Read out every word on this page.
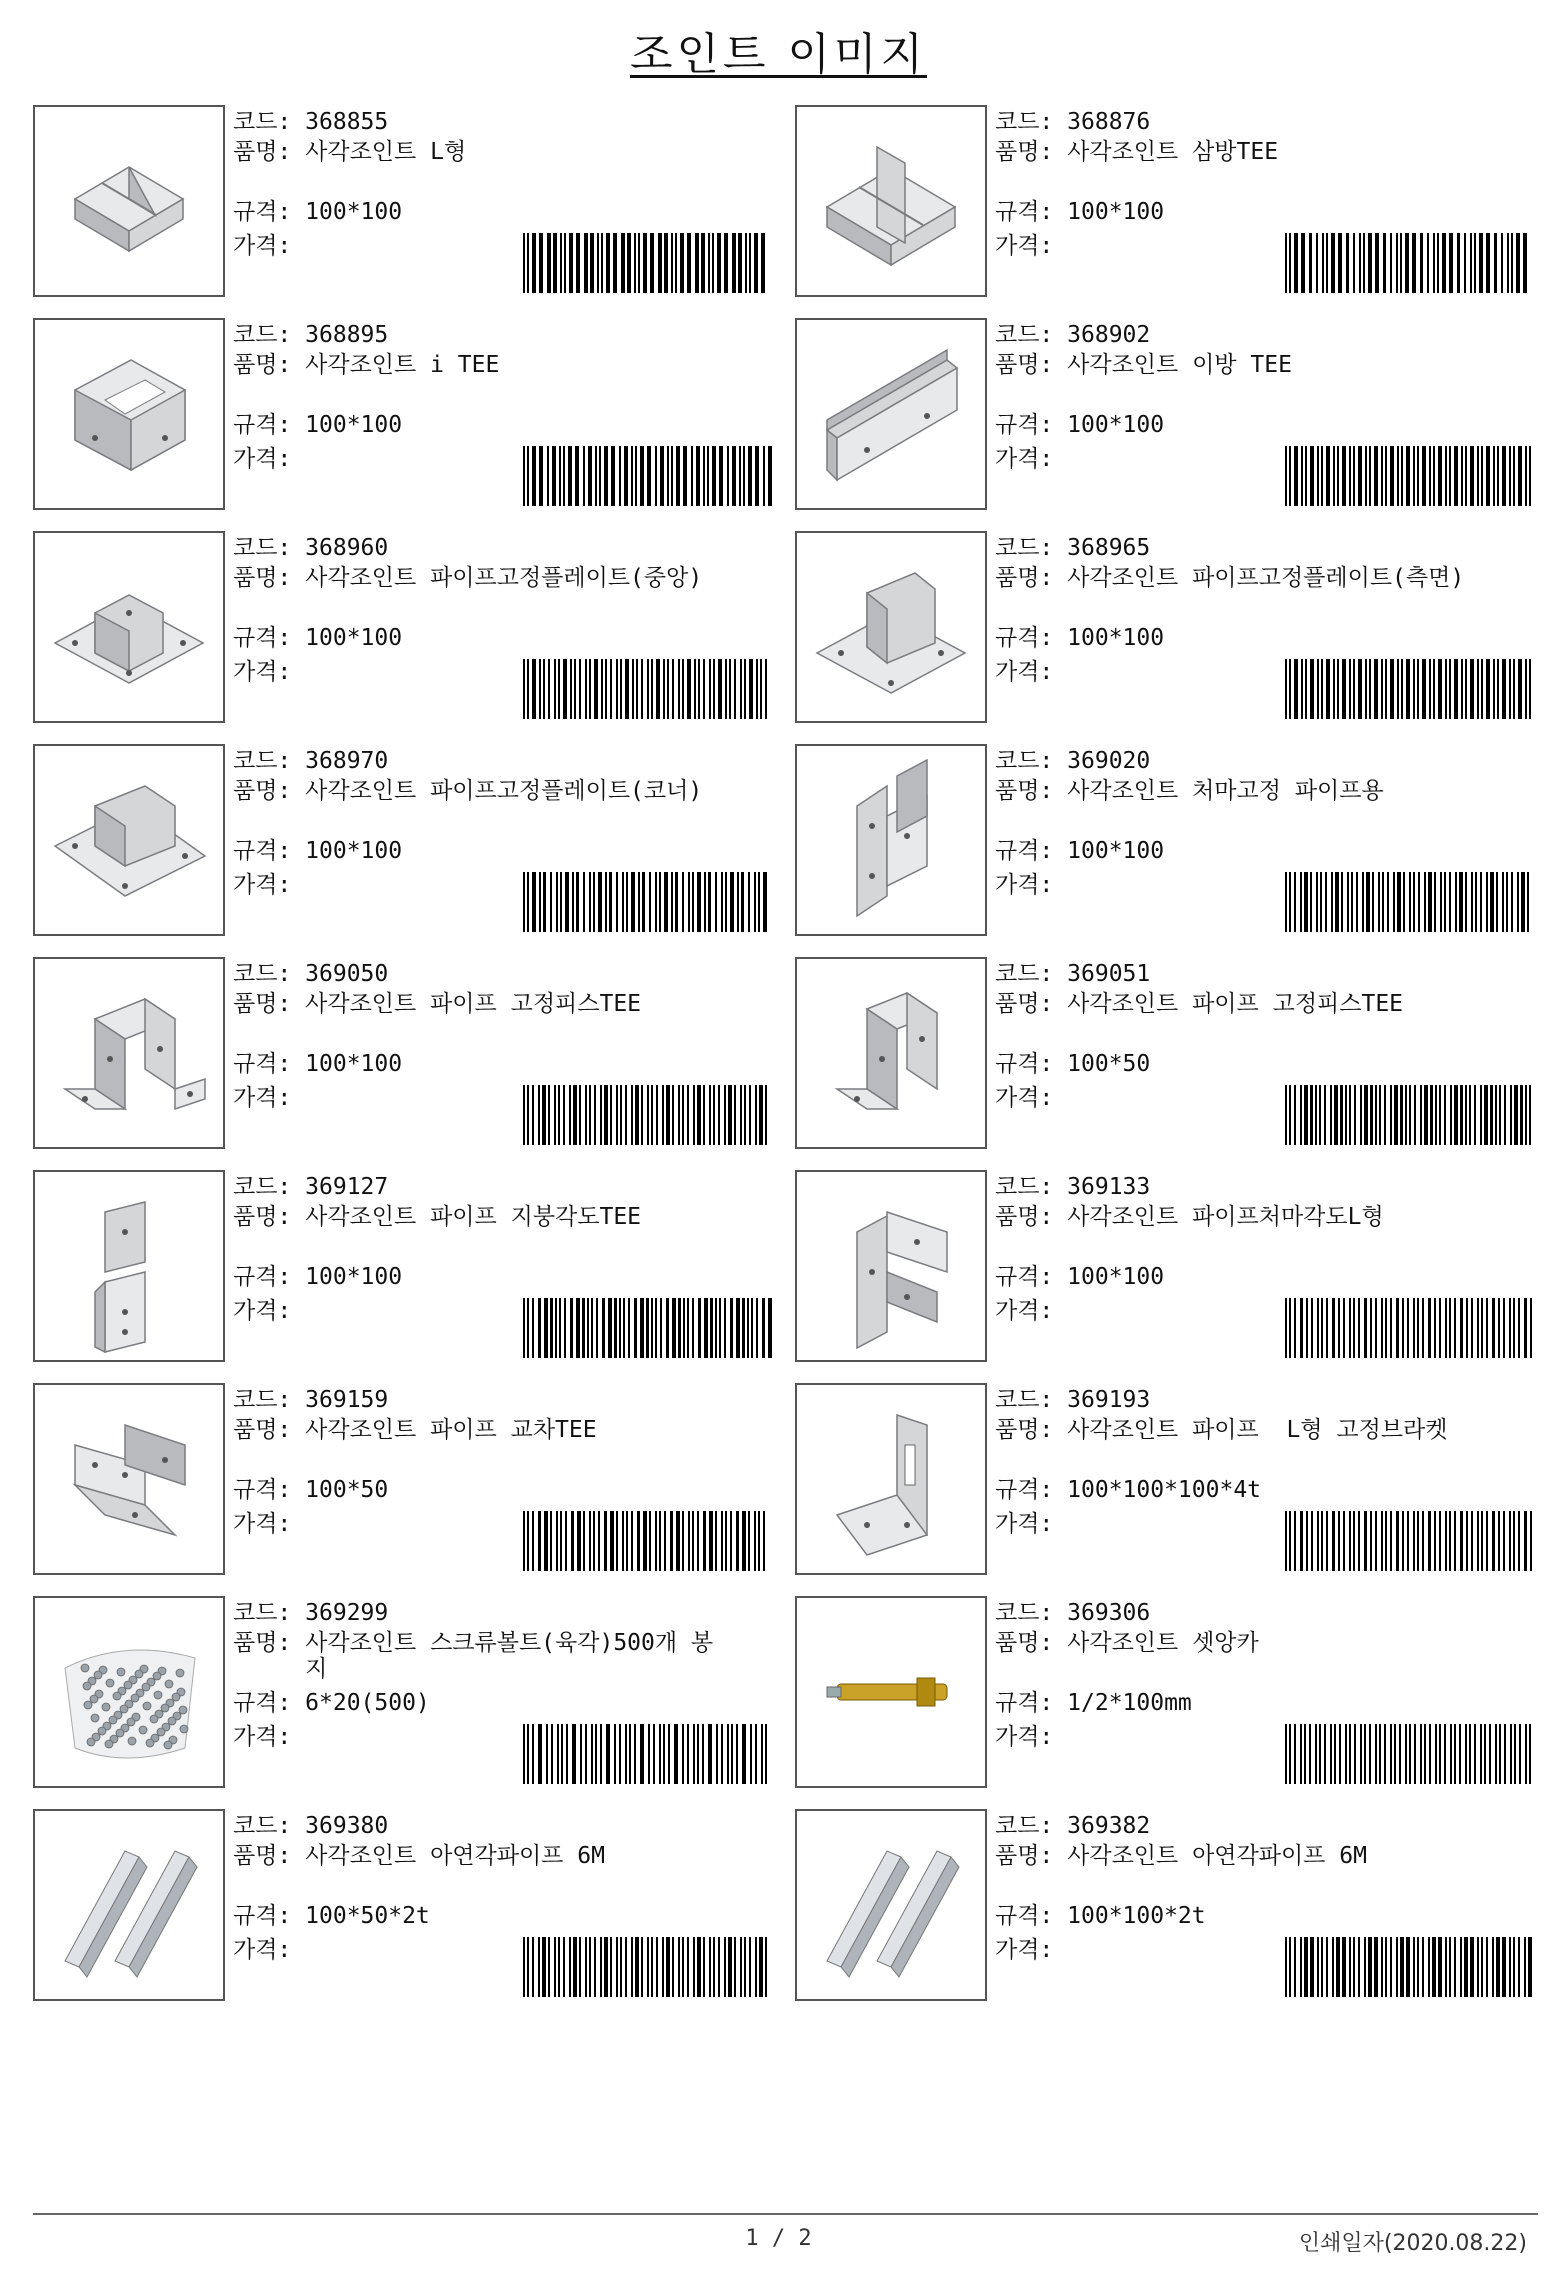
조인트 이미지
코드: 368855
품명: 사각조인트 L형
규격: 100*100
가격:
코드: 368876
품명: 사각조인트 삼방TEE
규격: 100*100
가격:
코드: 368895
품명: 사각조인트 i TEE
규격: 100*100
가격:
코드: 368902
품명: 사각조인트 이방 TEE
규격: 100*100
가격:
코드: 368960
품명: 사각조인트 파이프고정플레이트(중앙)
규격: 100*100
가격:
코드: 368965
품명: 사각조인트 파이프고정플레이트(측면)
규격: 100*100
가격:
코드: 368970
품명: 사각조인트 파이프고정플레이트(코너)
규격: 100*100
가격:
코드: 369020
품명: 사각조인트 처마고정 파이프용
규격: 100*100
가격:
코드: 369050
품명: 사각조인트 파이프 고정피스TEE
규격: 100*100
가격:
코드: 369051
품명: 사각조인트 파이프 고정피스TEE
규격: 100*50
가격:
코드: 369127
품명: 사각조인트 파이프 지붕각도TEE
규격: 100*100
가격:
코드: 369133
품명: 사각조인트 파이프처마각도L형
규격: 100*100
가격:
코드: 369159
품명: 사각조인트 파이프 교차TEE
규격: 100*50
가격:
코드: 369193
품명: 사각조인트 파이프  L형 고정브라켓
규격: 100*100*100*4t
가격:
코드: 369299
품명: 사각조인트 스크류볼트(육각)500개 봉
지
규격: 6*20(500)
가격:
코드: 369306
품명: 사각조인트 셋앙카
규격: 1/2*100mm
가격:
코드: 369380
품명: 사각조인트 아연각파이프 6M
규격: 100*50*2t
가격:
코드: 369382
품명: 사각조인트 아연각파이프 6M
규격: 100*100*2t
가격:
1 / 2	인쇄일자(2020.08.22)
